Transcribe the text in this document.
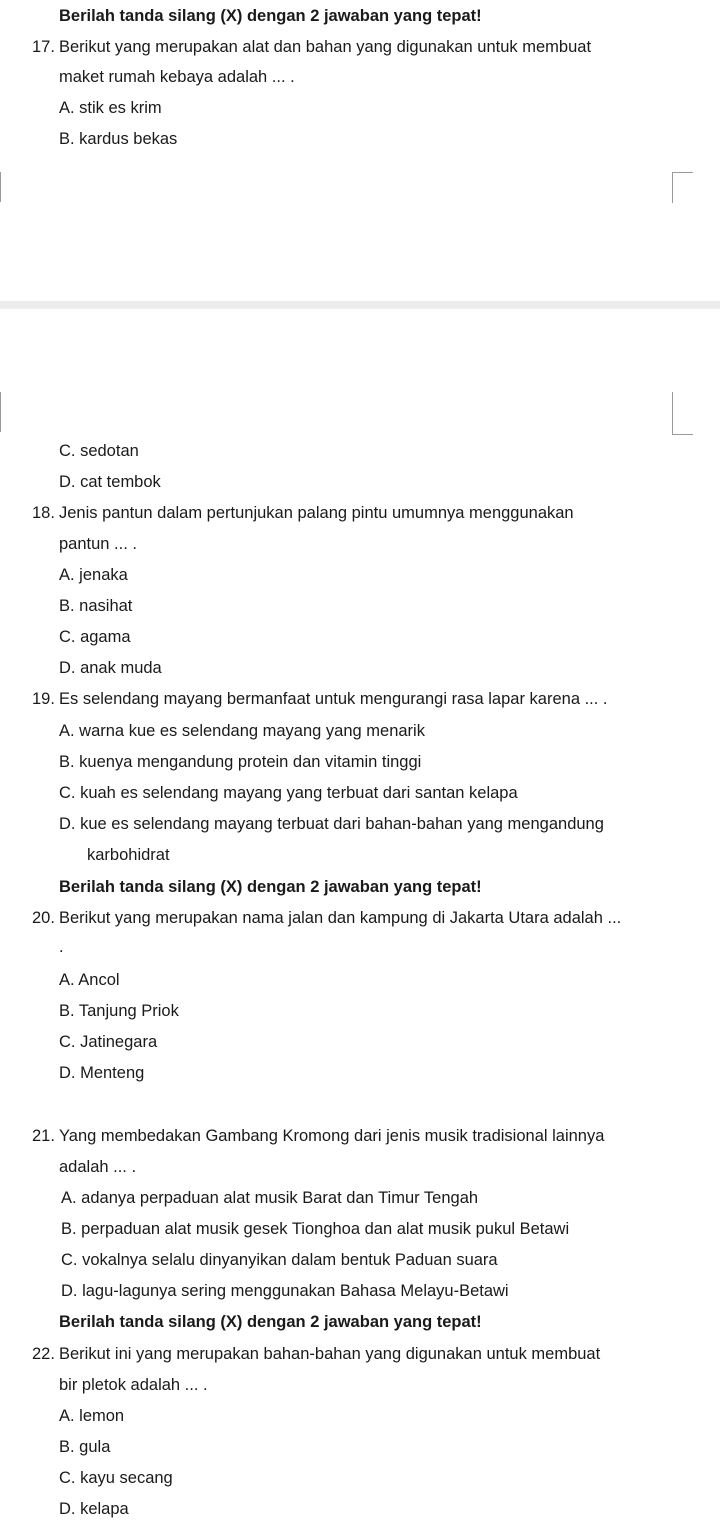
Berilah tanda silang (X) dengan 2 jawaban yang tepat!
17. Berikut yang merupakan alat dan bahan yang digunakan untuk membuat
maket rumah kebaya adalah ... .
A. stik es krim
B. kardus bekas
C. sedotan
D. cat tembok
18. Jenis pantun dalam pertunjukan palang pintu umumnya menggunakan
pantun ... .
A. jenaka
B. nasihat
C. agama
D. anak muda
19. Es selendang mayang bermanfaat untuk mengurangi rasa lapar karena ... .
A. warna kue es selendang mayang yang menarik
B. kuenya mengandung protein dan vitamin tinggi
C. kuah es selendang mayang yang terbuat dari santan kelapa
D. kue es selendang mayang terbuat dari bahan-bahan yang mengandung
karbohidrat
Berilah tanda silang (X) dengan 2 jawaban yang tepat!
20. Berikut yang merupakan nama jalan dan kampung di Jakarta Utara adalah ...
.
A. Ancol
B. Tanjung Priok
C. Jatinegara
D. Menteng
21. Yang membedakan Gambang Kromong dari jenis musik tradisional lainnya
adalah ... .
A. adanya perpaduan alat musik Barat dan Timur Tengah
B. perpaduan alat musik gesek Tionghoa dan alat musik pukul Betawi
C. vokalnya selalu dinyanyikan dalam bentuk Paduan suara
D. lagu-lagunya sering menggunakan Bahasa Melayu-Betawi
Berilah tanda silang (X) dengan 2 jawaban yang tepat!
22. Berikut ini yang merupakan bahan-bahan yang digunakan untuk membuat
bir pletok adalah ... .
A. lemon
B. gula
C. kayu secang
D. kelapa
